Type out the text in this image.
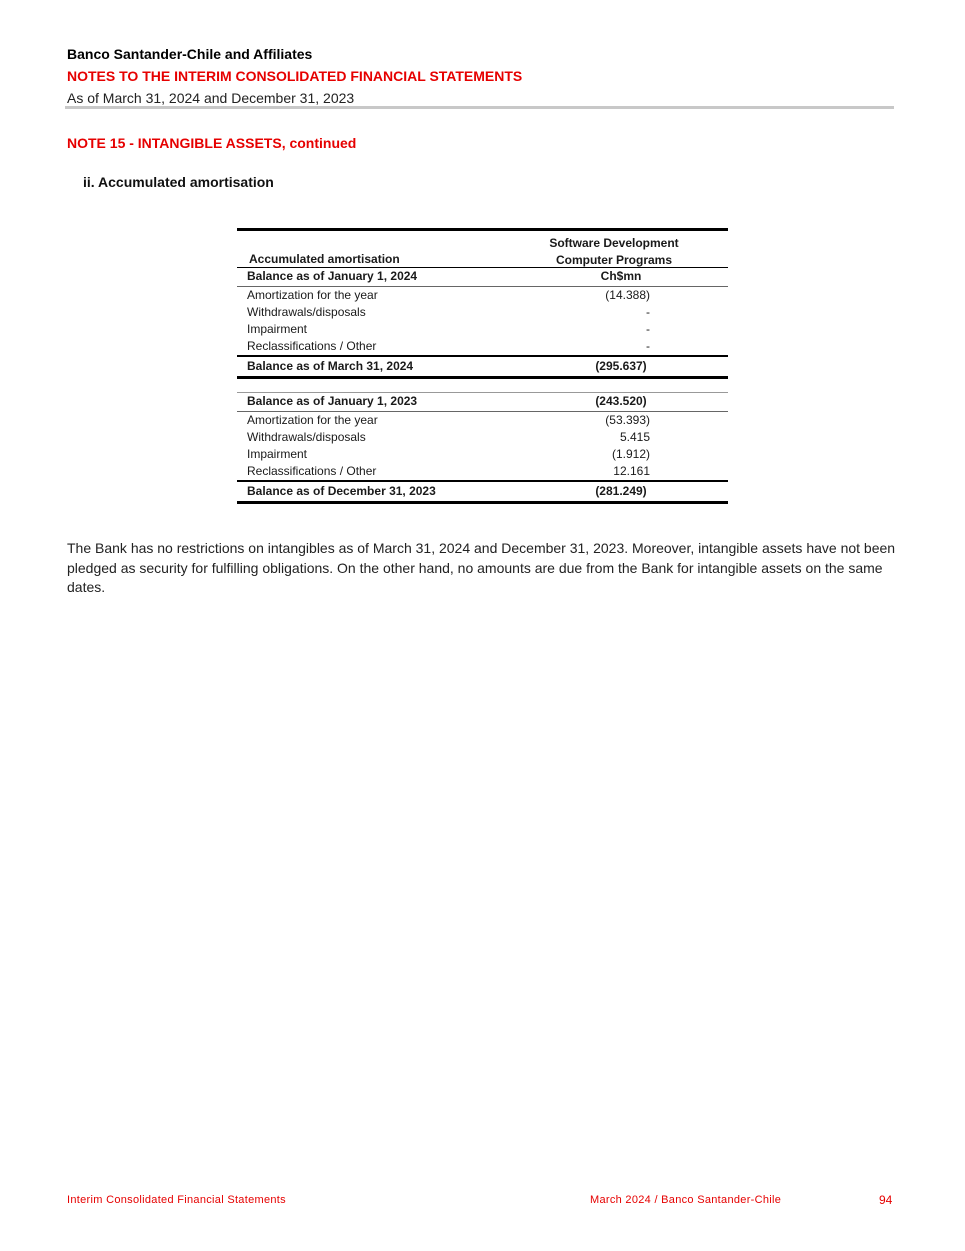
Banco Santander-Chile and Affiliates
NOTES TO THE INTERIM CONSOLIDATED FINANCIAL STATEMENTS
As of March 31, 2024 and December 31, 2023
NOTE 15 - INTANGIBLE ASSETS, continued
ii. Accumulated amortisation
Accumulated amortisation
Software Development
Computer Programs
Balance as of January 1, 2024	Ch$mn
Amortization for the year	(14.388)
Withdrawals/disposals	-
Impairment	-
Reclassifications / Other	-
Balance as of March 31, 2024	(295.637)
Balance as of January 1, 2023	(243.520)
Amortization for the year	(53.393)
Withdrawals/disposals	5.415
Impairment	(1.912)
Reclassifications / Other	12.161
Balance as of December 31, 2023	(281.249)
The Bank has no restrictions on intangibles as of March 31, 2024 and December 31, 2023. Moreover, intangible assets have not been pledged as security for fulfilling obligations. On the other hand, no amounts are due from the Bank for intangible assets on the same dates.
Interim Consolidated Financial Statements	March 2024 / Banco Santander-Chile	94
